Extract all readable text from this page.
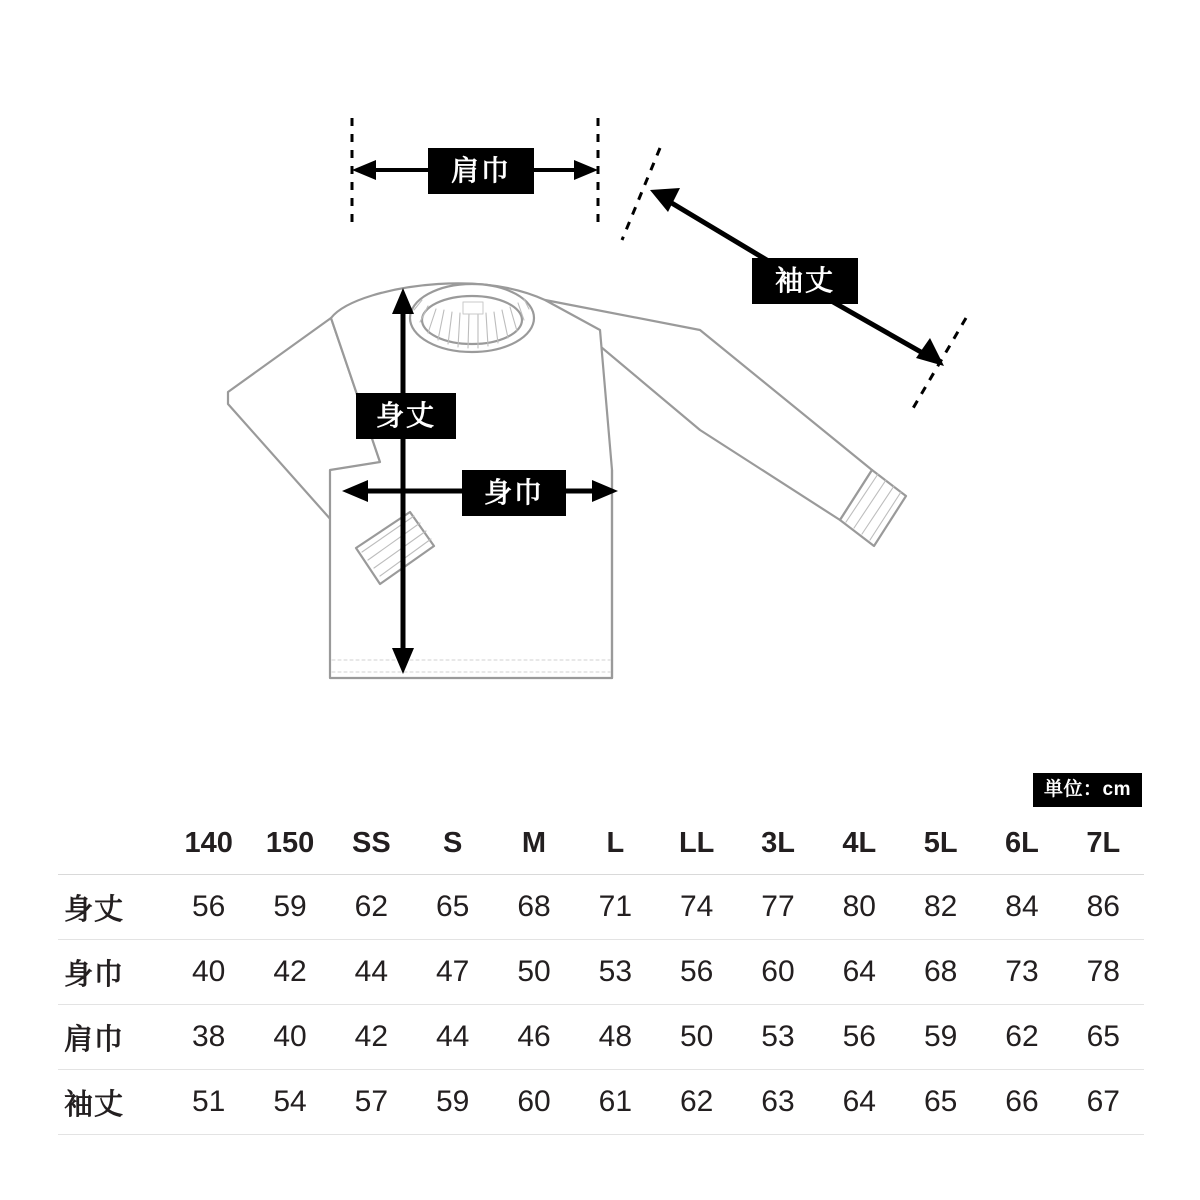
肩巾
袖丈
身丈
身巾
単位：cm
	140	150	SS	S	M	L	LL	3L	4L	5L	6L	7L
身丈	56	59	62	65	68	71	74	77	80	82	84	86
身巾	40	42	44	47	50	53	56	60	64	68	73	78
肩巾	38	40	42	44	46	48	50	53	56	59	62	65
袖丈	51	54	57	59	60	61	62	63	64	65	66	67
